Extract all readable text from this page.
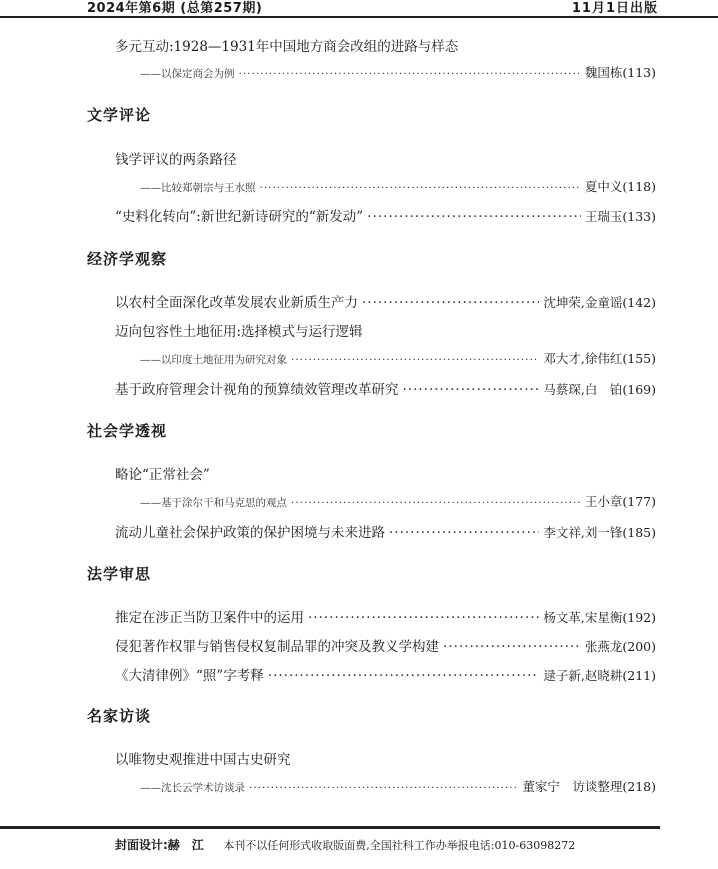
2024年第6期 (总第257期)	11月1日出版
多元互动:1928—1931年中国地方商会改组的进路与样态
——以保定商会为例 ·····	魏国栋 (113)
文学评论
钱学评议的两条路径
——比较郑朝宗与王水照 ·····	夏中义 (118)
“史料化转向”:新世纪新诗研究的“新发动” ·····	王瑞玉 (133)
经济学观察
以农村全面深化改革发展农业新质生产力 ·····	沈坤荣,金童谣 (142)
迈向包容性土地征用:选择模式与运行逻辑
——以印度土地征用为研究对象 ·····	邓大才,徐伟红 (155)
基于政府管理会计视角的预算绩效管理改革研究 ·····	马蔡琛,白　铂 (169)
社会学透视
略论“正常社会”
——基于涂尔干和马克思的观点 ·····	王小章 (177)
流动儿童社会保护政策的保护困境与未来进路 ·····	李文祥,刘一锋 (185)
法学审思
推定在涉正当防卫案件中的运用 ·····	杨文革,宋星衡 (192)
侵犯著作权罪与销售侵权复制品罪的冲突及教义学构建 ·····	张燕龙 (200)
《大清律例》“照”字考释 ·····	逯子新,赵晓耕 (211)
名家访谈
以唯物史观推进中国古史研究
——沈长云学术访谈录 ·····	董家宁　访谈整理 (218)
封面设计:赫　江 本刊不以任何形式收取版面费,全国社科工作办举报电话:010-63098272
